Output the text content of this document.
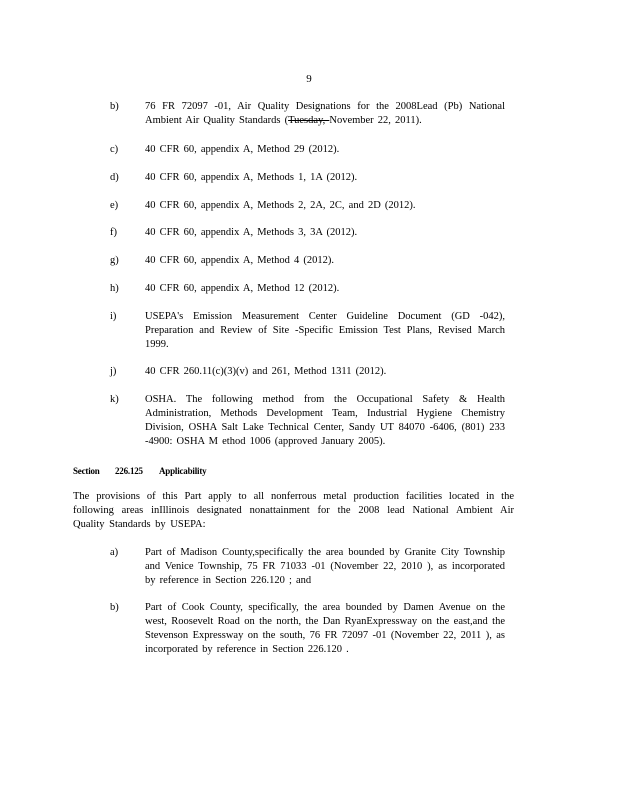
9
b)	76 FR 72097 -01, Air Quality Designations for the 2008Lead (Pb) National Ambient Air Quality Standards (Tuesday, November 22, 2011).
c)	40 CFR 60, appendix A, Method 29 (2012).
d)	40 CFR 60, appendix A, Methods 1, 1A (2012).
e)	40 CFR 60, appendix A, Methods 2, 2A, 2C, and 2D (2012).
f)	40 CFR 60, appendix A, Methods 3, 3A (2012).
g)	40 CFR 60, appendix A, Method 4 (2012).
h)	40 CFR 60, appendix A, Method 12 (2012).
i)	USEPA's Emission Measurement Center Guideline Document (GD -042), Preparation and Review of Site -Specific Emission Test Plans, Revised March 1999.
j)	40 CFR 260.11(c)(3)(v) and 261, Method 1311 (2012).
k)	OSHA. The following method from the Occupational Safety & Health Administration, Methods Development Team, Industrial Hygiene Chemistry Division, OSHA Salt Lake Technical Center, Sandy UT 84070 -6406, (801) 233 -4900: OSHA M ethod 1006 (approved January 2005).
Section 226.125 Applicability
The provisions of this Part apply to all nonferrous metal production facilities located in the following areas inIllinois designated nonattainment for the 2008 lead National Ambient Air Quality Standards by USEPA:
a)	Part of Madison County,specifically the area bounded by Granite City Township and Venice Township, 75 FR 71033 -01 (November 22, 2010 ), as incorporated by reference in Section 226.120 ; and
b)	Part of Cook County, specifically, the area bounded by Damen Avenue on the west, Roosevelt Road on the north, the Dan RyanExpressway on the east,and the Stevenson Expressway on the south, 76 FR 72097 -01 (November 22, 2011 ), as incorporated by reference in Section 226.120 .
